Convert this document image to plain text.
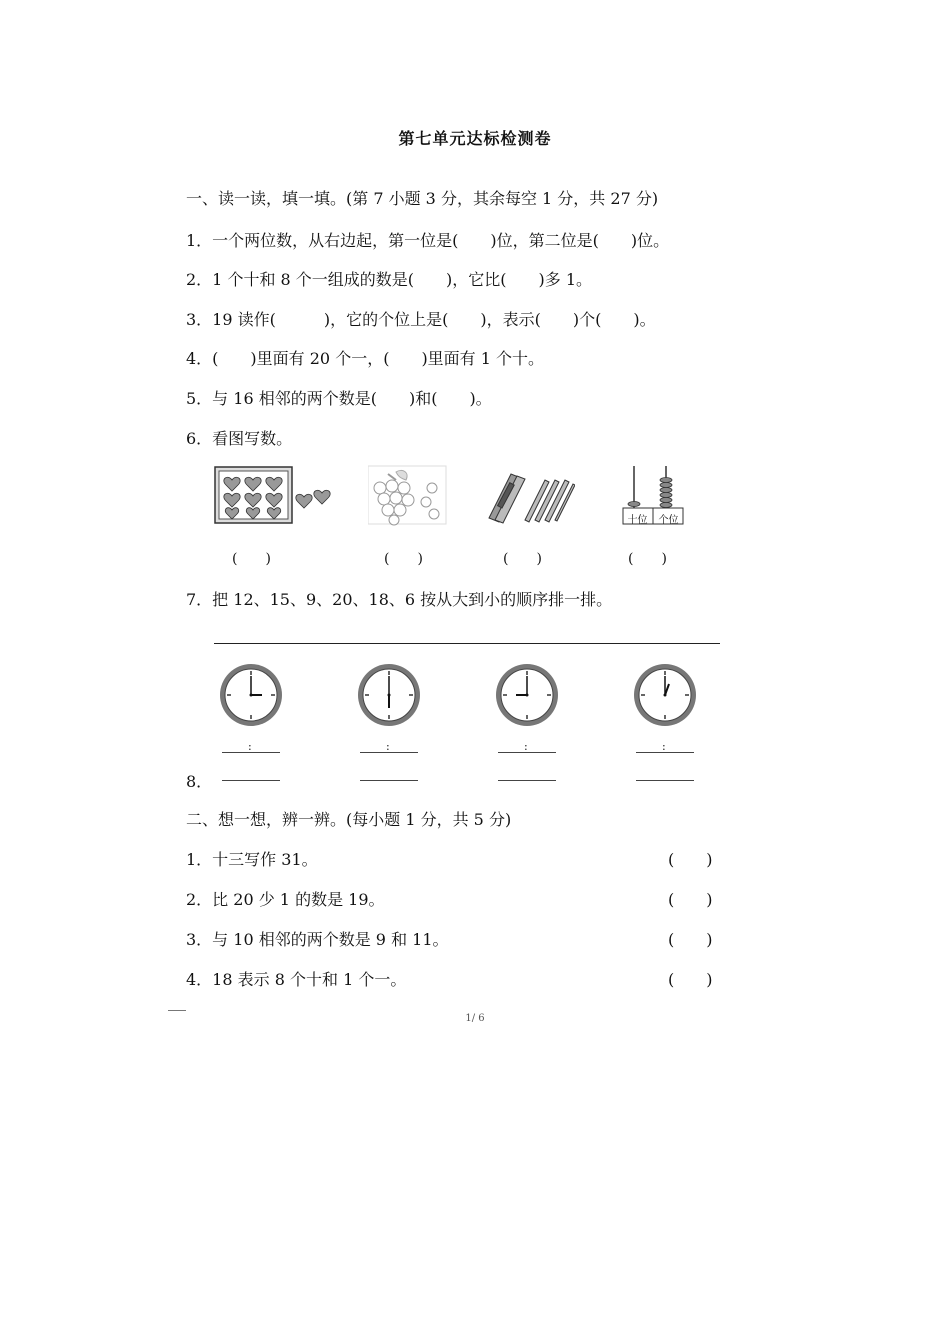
第七单元达标检测卷
一、读一读，填一填。(第 7 小题 3 分，其余每空 1 分，共 27 分)
1．一个两位数，从右边起，第一位是(　　)位，第二位是(　　)位。
2．1 个十和 8 个一组成的数是(　　)，它比(　　)多 1。
3．19 读作(　　　)，它的个位上是(　　)，表示(　　)个(　　)。
4．(　　)里面有 20 个一，(　　)里面有 1 个十。
5．与 16 相邻的两个数是(　　)和(　　)。
6．看图写数。
十位	个位
(　　)	(　　)	(　　)	(　　)
7．把 12、15、9、20、18、6 按从大到小的顺序排一排。
:	:	:	:
8．
二、想一想，辨一辨。(每小题 1 分，共 5 分)
1．十三写作 31。	(　　)
2．比 20 少 1 的数是 19。	(　　)
3．与 10 相邻的两个数是 9 和 11。	(　　)
4．18 表示 8 个十和 1 个一。	(　　)
1/ 6
